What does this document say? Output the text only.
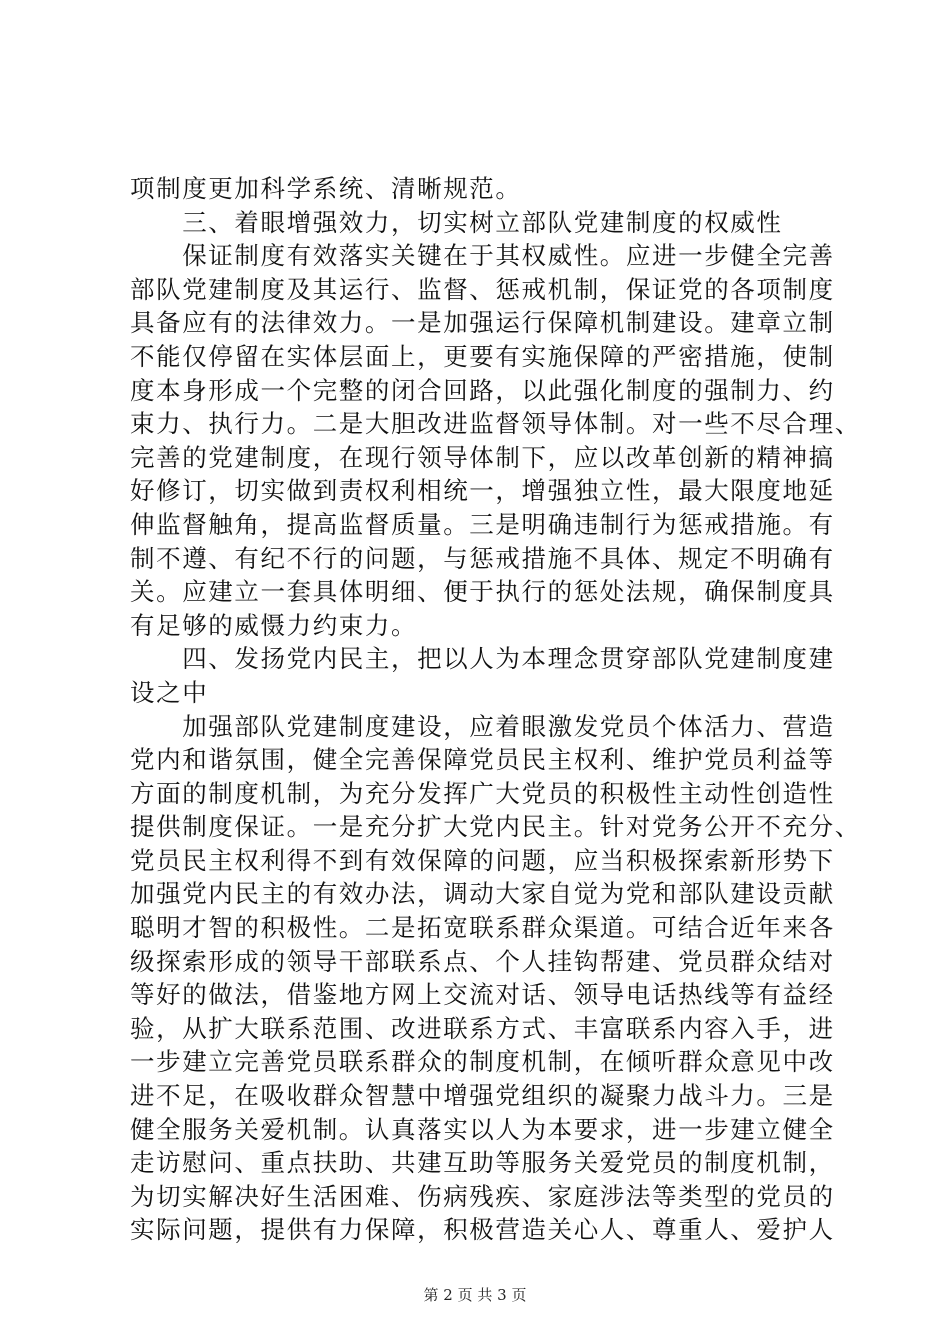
项制度更加科学系统、清晰规范。
　　三、着眼增强效力，切实树立部队党建制度的权威性
　　保证制度有效落实关键在于其权威性。应进一步健全完善
部队党建制度及其运行、监督、惩戒机制，保证党的各项制度
具备应有的法律效力。一是加强运行保障机制建设。建章立制
不能仅停留在实体层面上，更要有实施保障的严密措施，使制
度本身形成一个完整的闭合回路，以此强化制度的强制力、约
束力、执行力。二是大胆改进监督领导体制。对一些不尽合理、
完善的党建制度，在现行领导体制下，应以改革创新的精神搞
好修订，切实做到责权利相统一，增强独立性，最大限度地延
伸监督触角，提高监督质量。三是明确违制行为惩戒措施。有
制不遵、有纪不行的问题，与惩戒措施不具体、规定不明确有
关。应建立一套具体明细、便于执行的惩处法规，确保制度具
有足够的威慑力约束力。
　　四、发扬党内民主，把以人为本理念贯穿部队党建制度建
设之中
　　加强部队党建制度建设，应着眼激发党员个体活力、营造
党内和谐氛围，健全完善保障党员民主权利、维护党员利益等
方面的制度机制，为充分发挥广大党员的积极性主动性创造性
提供制度保证。一是充分扩大党内民主。针对党务公开不充分、
党员民主权利得不到有效保障的问题，应当积极探索新形势下
加强党内民主的有效办法，调动大家自觉为党和部队建设贡献
聪明才智的积极性。二是拓宽联系群众渠道。可结合近年来各
级探索形成的领导干部联系点、个人挂钩帮建、党员群众结对
等好的做法，借鉴地方网上交流对话、领导电话热线等有益经
验，从扩大联系范围、改进联系方式、丰富联系内容入手，进
一步建立完善党员联系群众的制度机制，在倾听群众意见中改
进不足，在吸收群众智慧中增强党组织的凝聚力战斗力。三是
健全服务关爱机制。认真落实以人为本要求，进一步建立健全
走访慰问、重点扶助、共建互助等服务关爱党员的制度机制，
为切实解决好生活困难、伤病残疾、家庭涉法等类型的党员的
实际问题，提供有力保障，积极营造关心人、尊重人、爱护人
第 2 页 共 3 页
